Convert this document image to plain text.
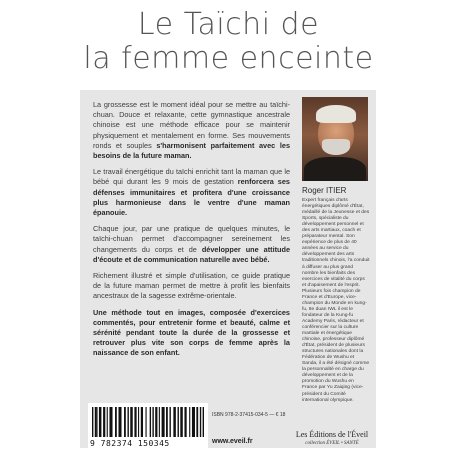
Le Taïchi de
la femme enceinte

La grossesse est le moment idéal pour se mettre au taïchi-chuan. Douce et relaxante, cette gymnastique ancestrale chinoise est une méthode efficace pour se maintenir physiquement et mentalement en forme. Ses mouvements ronds et souples s'harmonisent parfaitement avec les besoins de la future maman.

Le travail énergétique du taïchi enrichit tant la maman que le bébé qui durant les 9 mois de gestation renforcera ses défenses immunitaires et profitera d'une croissance plus harmonieuse dans le ventre d'une maman épanouie.

Chaque jour, par une pratique de quelques minutes, le taïchi-chuan permet d'accompagner sereinement les changements du corps et de développer une attitude d'écoute et de communication naturelle avec bébé.

Richement illustré et simple d'utilisation, ce guide pratique de la future maman permet de mettre à profit les bienfaits ancestraux de la sagesse extrême-orientale.

Une méthode tout en images, composée d'exercices commentés, pour entretenir forme et beauté, calme et sérénité pendant toute la durée de la grossesse et retrouver plus vite son corps de femme après la naissance de son enfant.

Roger ITIER
Expert français d'arts énergétiques diplômé d'État, médaillé de la Jeunesse et des Sports, spécialiste du développement personnel et des arts martiaux, coach et préparateur mental. Son expérience de plus de 40 années au service du développement des arts traditionnels chinois, l'a conduit à diffuser au plus grand nombre les bienfaits des exercices de vitalité du corps et d'apaisement de l'esprit. Plusieurs fois champion de France et d'Europe, vice-champion du Monde en kung-fu, 8e duan IWL il est le fondateur de la Kung-fu Academy Paris, rédacteur et conférencier sur la culture martiale et énergétique chinoise, professeur diplômé d'État, président de plusieurs structures nationales dont la Fédération de Wushu et Sanda, il a été désigné comme la personnalité en charge du développement et de la promotion du Wushu en France par Yu Zaiqing (vice-président du Comité international olympique.
9 782374 150345
ISBN 978-2-37415-034-5 — € 18
www.eveil.fr
Les Éditions de l'Éveil
collection ÉVEIL • SANTÉ
